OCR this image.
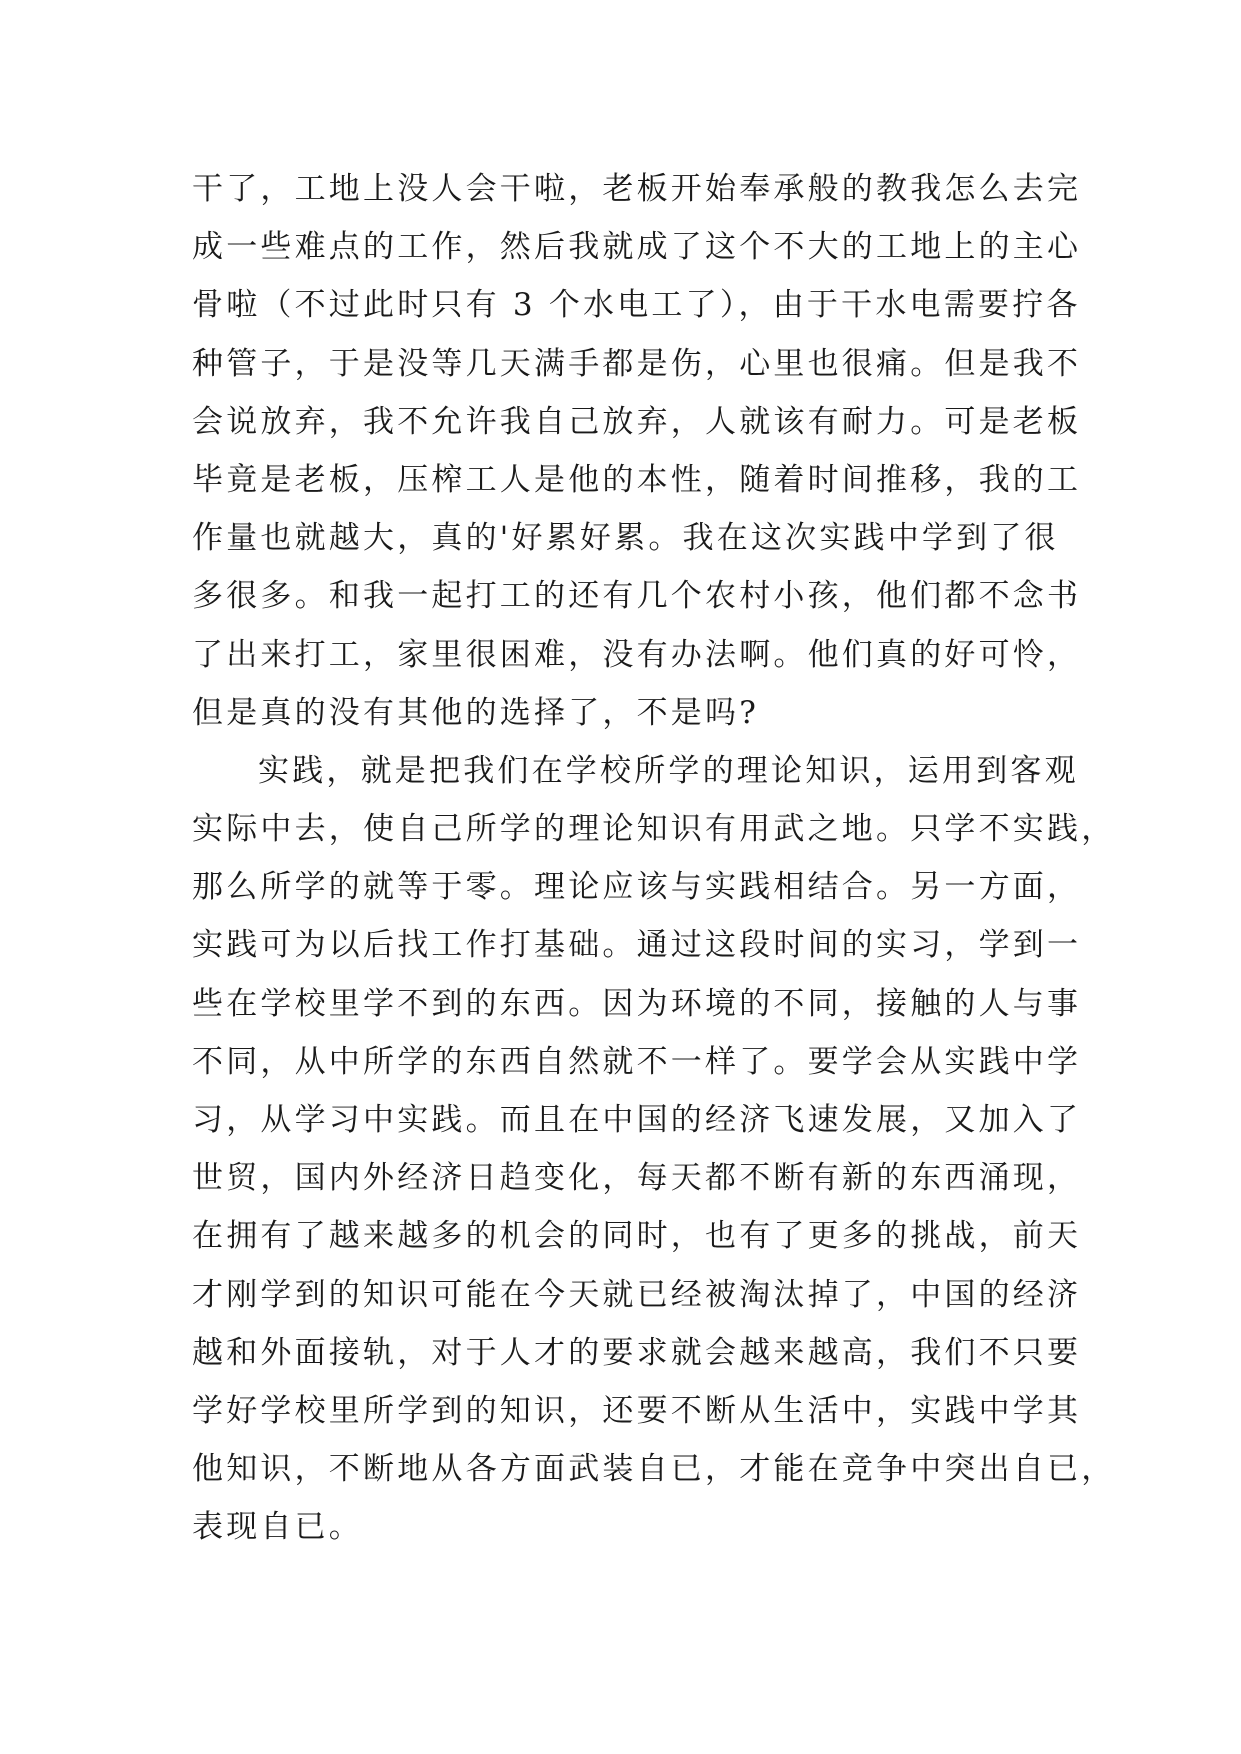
干了，工地上没人会干啦，老板开始奉承般的教我怎么去完
成一些难点的工作，然后我就成了这个不大的工地上的主心
骨啦（不过此时只有 3 个水电工了），由于干水电需要拧各
种管子，于是没等几天满手都是伤，心里也很痛。但是我不
会说放弃，我不允许我自己放弃，人就该有耐力。可是老板
毕竟是老板，压榨工人是他的本性，随着时间推移，我的工
作量也就越大，真的'好累好累。我在这次实践中学到了很
多很多。和我一起打工的还有几个农村小孩，他们都不念书
了出来打工，家里很困难，没有办法啊。他们真的好可怜，
但是真的没有其他的选择了，不是吗?
实践，就是把我们在学校所学的理论知识，运用到客观
实际中去，使自己所学的理论知识有用武之地。只学不实践，
那么所学的就等于零。理论应该与实践相结合。另一方面，
实践可为以后找工作打基础。通过这段时间的实习，学到一
些在学校里学不到的东西。因为环境的不同，接触的人与事
不同，从中所学的东西自然就不一样了。要学会从实践中学
习，从学习中实践。而且在中国的经济飞速发展，又加入了
世贸，国内外经济日趋变化，每天都不断有新的东西涌现，
在拥有了越来越多的机会的同时，也有了更多的挑战，前天
才刚学到的知识可能在今天就已经被淘汰掉了，中国的经济
越和外面接轨，对于人才的要求就会越来越高，我们不只要
学好学校里所学到的知识，还要不断从生活中，实践中学其
他知识，不断地从各方面武装自已，才能在竞争中突出自已，
表现自已。
